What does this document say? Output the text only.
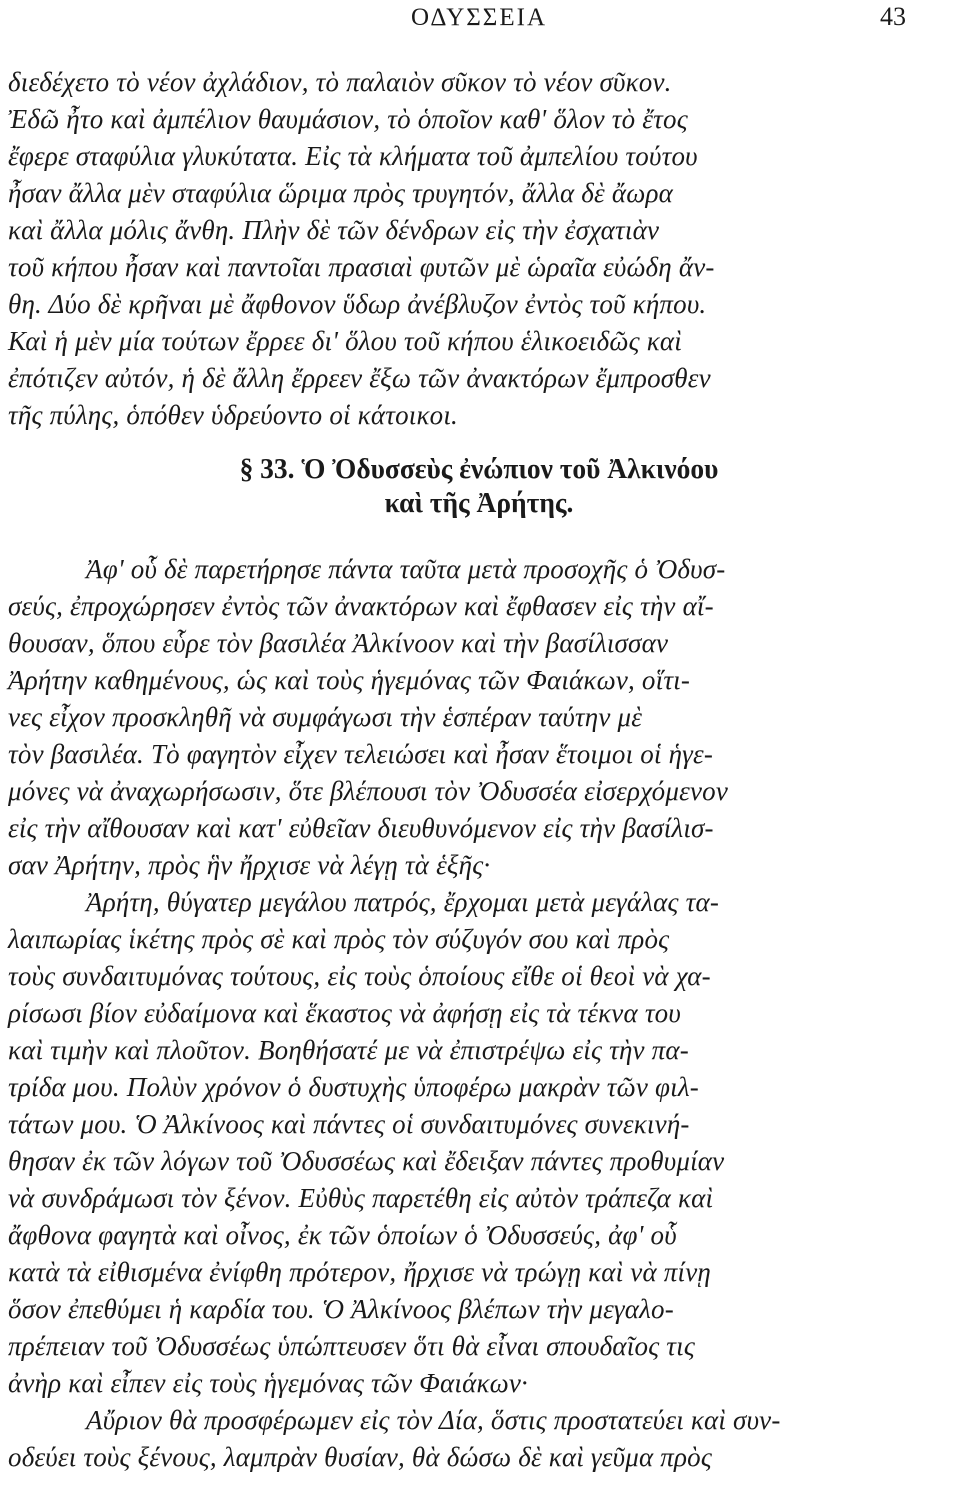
ΟΔΥΣΣΕΙΑ	43
διεδέχετο τὸ νέον ἀχλάδιον, τὸ παλαιὸν σῦκον τὸ νέον σῦκον.
Ἐδῶ ἦτο καὶ ἀμπέλιον θαυμάσιον, τὸ ὁποῖον καθ' ὅλον τὸ ἔτος
ἔφερε σταφύλια γλυκύτατα. Εἰς τὰ κλήματα τοῦ ἀμπελίου τούτου
ἦσαν ἄλλα μὲν σταφύλια ὥριμα πρὸς τρυγητόν, ἄλλα δὲ ἄωρα
καὶ ἄλλα μόλις ἄνθη. Πλὴν δὲ τῶν δένδρων εἰς τὴν ἐσχατιὰν
τοῦ κήπου ἦσαν καὶ παντοῖαι πρασιαὶ φυτῶν μὲ ὡραῖα εὐώδη ἄν-
θη. Δύο δὲ κρῆναι μὲ ἄφθονον ὕδωρ ἀνέβλυζον ἐντὸς τοῦ κήπου.
Καὶ ἡ μὲν μία τούτων ἔρρεε δι' ὅλου τοῦ κήπου ἑλικοειδῶς καὶ
ἐπότιζεν αὐτόν, ἡ δὲ ἄλλη ἔρρεεν ἔξω τῶν ἀνακτόρων ἔμπροσθεν
τῆς πύλης, ὁπόθεν ὑδρεύοντο οἱ κάτοικοι.
§ 33. Ὁ Ὀδυσσεὺς ἐνώπιον τοῦ Ἀλκινόου
καὶ τῆς Ἀρήτης.
Ἀφ' οὗ δὲ παρετήρησε πάντα ταῦτα μετὰ προσοχῆς ὁ Ὀδυσ-
σεύς, ἐπροχώρησεν ἐντὸς τῶν ἀνακτόρων καὶ ἔφθασεν εἰς τὴν αἴ-
θουσαν, ὅπου εὗρε τὸν βασιλέα Ἀλκίνοον καὶ τὴν βασίλισσαν
Ἀρήτην καθημένους, ὡς καὶ τοὺς ἡγεμόνας τῶν Φαιάκων, οἵτι-
νες εἶχον προσκληθῆ νὰ συμφάγωσι τὴν ἑσπέραν ταύτην μὲ
τὸν βασιλέα. Τὸ φαγητὸν εἶχεν τελειώσει καὶ ἦσαν ἕτοιμοι οἱ ἡγε-
μόνες νὰ ἀναχωρήσωσιν, ὅτε βλέπουσι τὸν Ὀδυσσέα εἰσερχόμενον
εἰς τὴν αἴθουσαν καὶ κατ' εὐθεῖαν διευθυνόμενον εἰς τὴν βασίλισ-
σαν Ἀρήτην, πρὸς ἣν ἤρχισε νὰ λέγῃ τὰ ἑξῆς·
Ἀρήτη, θύγατερ μεγάλου πατρός, ἔρχομαι μετὰ μεγάλας τα-
λαιπωρίας ἱκέτης πρὸς σὲ καὶ πρὸς τὸν σύζυγόν σου καὶ πρὸς
τοὺς συνδαιτυμόνας τούτους, εἰς τοὺς ὁποίους εἴθε οἱ θεοὶ νὰ χα-
ρίσωσι βίον εὐδαίμονα καὶ ἕκαστος νὰ ἀφήσῃ εἰς τὰ τέκνα του
καὶ τιμὴν καὶ πλοῦτον. Βοηθήσατέ με νὰ ἐπιστρέψω εἰς τὴν πα-
τρίδα μου. Πολὺν χρόνον ὁ δυστυχὴς ὑποφέρω μακρὰν τῶν φιλ-
τάτων μου. Ὁ Ἀλκίνοος καὶ πάντες οἱ συνδαιτυμόνες συνεκινή-
θησαν ἐκ τῶν λόγων τοῦ Ὀδυσσέως καὶ ἔδειξαν πάντες προθυμίαν
νὰ συνδράμωσι τὸν ξένον. Εὐθὺς παρετέθη εἰς αὐτὸν τράπεζα καὶ
ἄφθονα φαγητὰ καὶ οἶνος, ἐκ τῶν ὁποίων ὁ Ὀδυσσεύς, ἀφ' οὗ
κατὰ τὰ εἰθισμένα ἐνίφθη πρότερον, ἤρχισε νὰ τρώγῃ καὶ νὰ πίνῃ
ὅσον ἐπεθύμει ἡ καρδία του. Ὁ Ἀλκίνοος βλέπων τὴν μεγαλο-
πρέπειαν τοῦ Ὀδυσσέως ὑπώπτευσεν ὅτι θὰ εἶναι σπουδαῖος τις
ἀνὴρ καὶ εἶπεν εἰς τοὺς ἡγεμόνας τῶν Φαιάκων·
Αὔριον θὰ προσφέρωμεν εἰς τὸν Δία, ὅστις προστατεύει καὶ συν-
οδεύει τοὺς ξένους, λαμπρὰν θυσίαν, θὰ δώσω δὲ καὶ γεῦμα πρὸς
